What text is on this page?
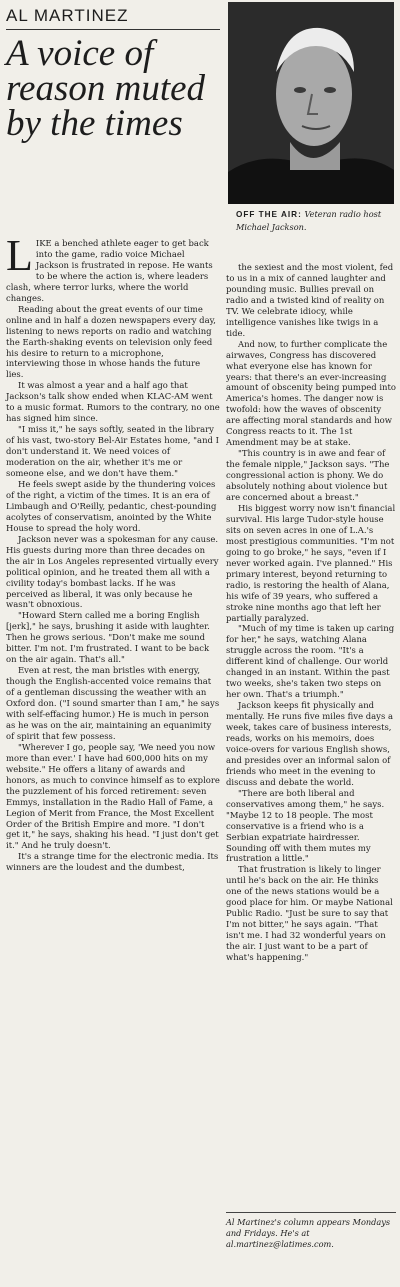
AL MARTINEZ
A voice of reason muted by the times
OFF THE AIR: Veteran radio host Michael Jackson.

LIKE a benched athlete eager to get back into the game, radio voice Michael Jackson is frustrated in repose. He wants to be where the action is, where leaders clash, where terror lurks, where the world changes.

Reading about the great events of our time online and in half a dozen newspapers every day, listening to news reports on radio and watching the Earth-shaking events on television only feed his desire to return to a microphone, interviewing those in whose hands the future lies.

It was almost a year and a half ago that Jackson's talk show ended when KLAC-AM went to a music format. Rumors to the contrary, no one has signed him since.

"I miss it," he says softly, seated in the library of his vast, two-story Bel-Air Estates home, "and I don't understand it. We need voices of moderation on the air, whether it's me or someone else, and we don't have them."

He feels swept aside by the thundering voices of the right, a victim of the times. It is an era of Limbaugh and O'Reilly, pedantic, chest-pounding acolytes of conservatism, anointed by the White House to spread the holy word.

Jackson never was a spokesman for any cause. His guests during more than three decades on the air in Los Angeles represented virtually every political opinion, and he treated them all with a civility today's bombast lacks. If he was perceived as liberal, it was only because he wasn't obnoxious.

"Howard Stern called me a boring English [jerk]," he says, brushing it aside with laughter. Then he grows serious. "Don't make me sound bitter. I'm not. I'm frustrated. I want to be back on the air again. That's all."

Even at rest, the man bristles with energy, though the English-accented voice remains that of a gentleman discussing the weather with an Oxford don. ("I sound smarter than I am," he says with self-effacing humor.) He is much in person as he was on the air, maintaining an equanimity of spirit that few possess.

"Wherever I go, people say, 'We need you now more than ever.' I have had 600,000 hits on my website." He offers a litany of awards and honors, as much to convince himself as to explore the puzzlement of his forced retirement: seven Emmys, installation in the Radio Hall of Fame, a Legion of Merit from France, the Most Excellent Order of the British Empire and more. "I don't get it," he says, shaking his head. "I just don't get it." And he truly doesn't.

It's a strange time for the electronic media. Its winners are the loudest and the dumbest,

the sexiest and the most violent, fed to us in a mix of canned laughter and pounding music. Bullies prevail on radio and a twisted kind of reality on TV. We celebrate idiocy, while intelligence vanishes like twigs in a tide.

And now, to further complicate the airwaves, Congress has discovered what everyone else has known for years: that there's an ever-increasing amount of obscenity being pumped into America's homes. The danger now is twofold: how the waves of obscenity are affecting moral standards and how Congress reacts to it. The 1st Amendment may be at stake.

"This country is in awe and fear of the female nipple," Jackson says. "The congressional action is phony. We do absolutely nothing about violence but are concerned about a breast."

His biggest worry now isn't financial survival. His large Tudor-style house sits on seven acres in one of L.A.'s most prestigious communities. "I'm not going to go broke," he says, "even if I never worked again. I've planned." His primary interest, beyond returning to radio, is restoring the health of Alana, his wife of 39 years, who suffered a stroke nine months ago that left her partially paralyzed.

"Much of my time is taken up caring for her," he says, watching Alana struggle across the room. "It's a different kind of challenge. Our world changed in an instant. Within the past two weeks, she's taken two steps on her own. That's a triumph."

Jackson keeps fit physically and mentally. He runs five miles five days a week, takes care of business interests, reads, works on his memoirs, does voice-overs for various English shows, and presides over an informal salon of friends who meet in the evening to discuss and debate the world.

"There are both liberal and conservatives among them," he says. "Maybe 12 to 18 people. The most conservative is a friend who is a Serbian expatriate hairdresser. Sounding off with them mutes my frustration a little."

That frustration is likely to linger until he's back on the air. He thinks one of the news stations would be a good place for him. Or maybe National Public Radio. "Just be sure to say that I'm not bitter," he says again. "That isn't me. I had 32 wonderful years on the air. I just want to be a part of what's happening."

Al Martinez's column appears Mondays and Fridays. He's at al.martinez@latimes.com.
